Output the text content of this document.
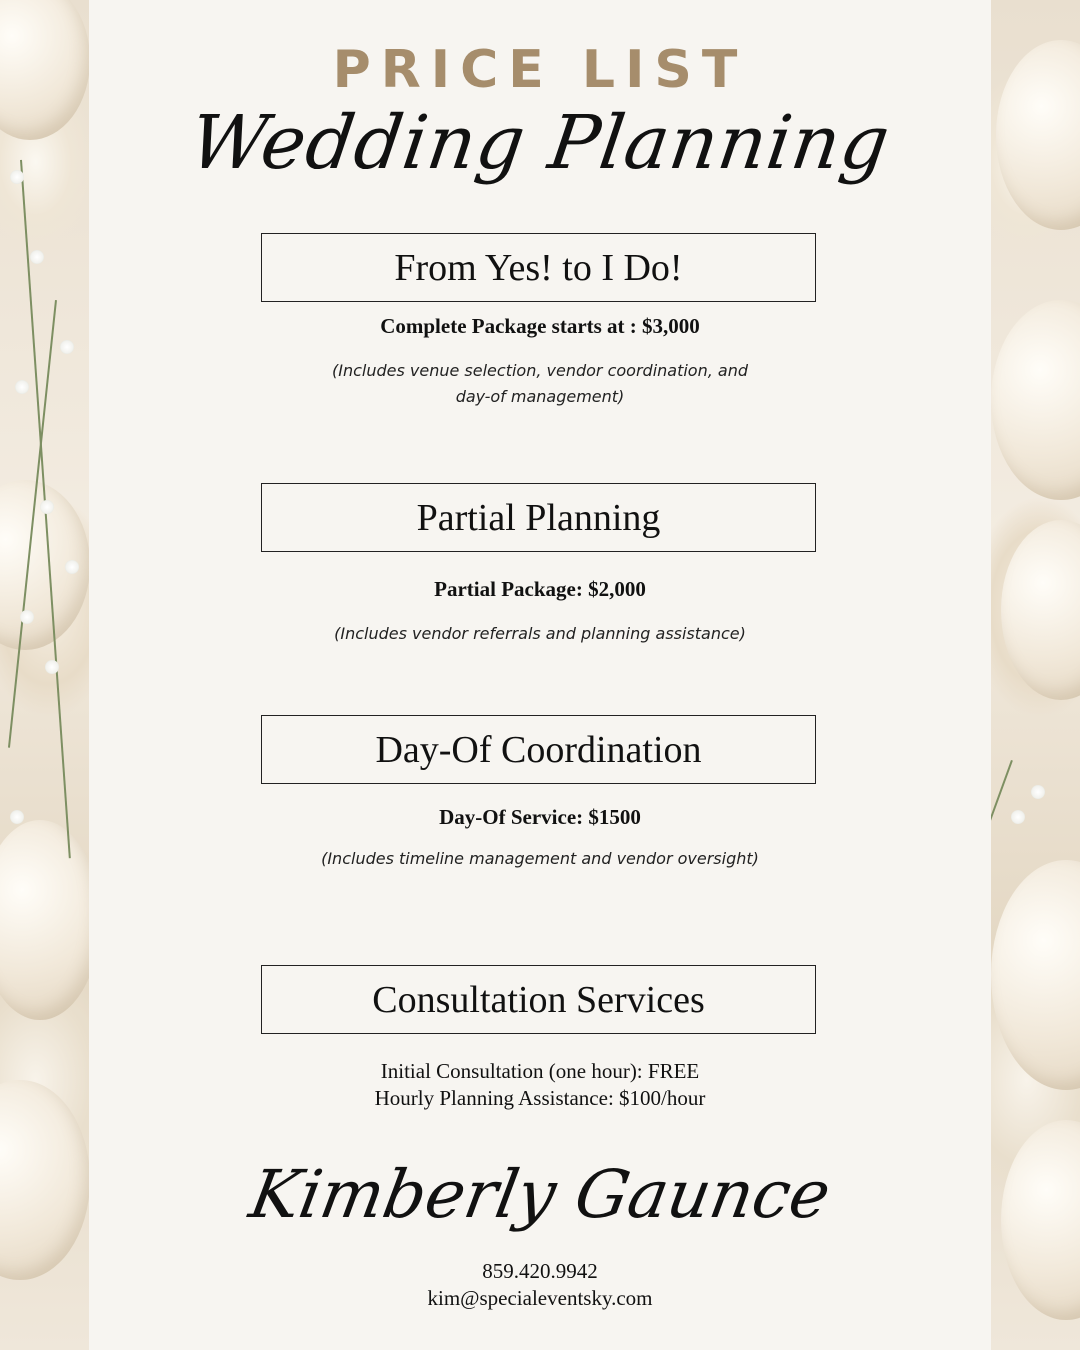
PRICE LIST
Wedding Planning
From Yes! to I Do!
Complete Package starts at : $3,000
(Includes venue selection, vendor coordination, and day-of management)
Partial Planning
Partial Package: $2,000
(Includes vendor referrals and planning assistance)
Day-Of Coordination
Day-Of Service: $1500
(Includes timeline management and vendor oversight)
Consultation Services
Initial Consultation (one hour): FREE
Hourly Planning Assistance: $100/hour
Kimberly Gaunce
859.420.9942
kim@specialeventsky.com
